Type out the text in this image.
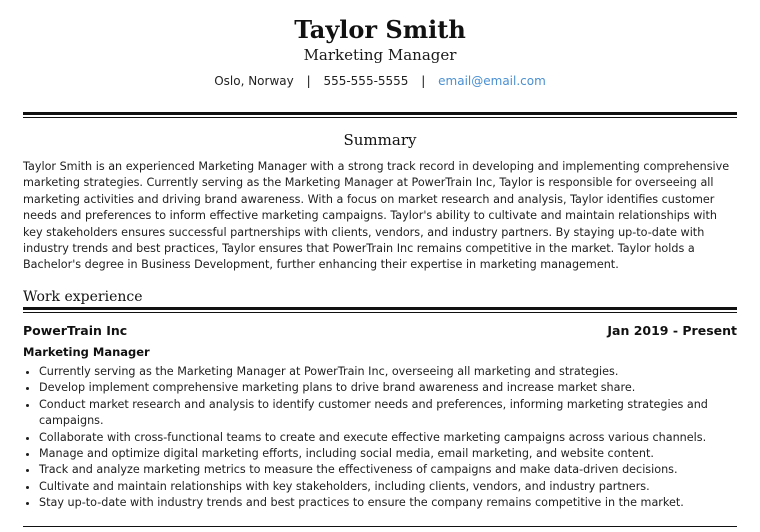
Taylor Smith
Marketing Manager
Oslo, Norway | 555-555-5555 | email@email.com
Summary

Taylor Smith is an experienced Marketing Manager with a strong track record in developing and implementing comprehensive marketing strategies. Currently serving as the Marketing Manager at PowerTrain Inc, Taylor is responsible for overseeing all marketing activities and driving brand awareness. With a focus on market research and analysis, Taylor identifies customer needs and preferences to inform effective marketing campaigns. Taylor's ability to cultivate and maintain relationships with key stakeholders ensures successful partnerships with clients, vendors, and industry partners. By staying up-to-date with industry trends and best practices, Taylor ensures that PowerTrain Inc remains competitive in the market. Taylor holds a Bachelor's degree in Business Development, further enhancing their expertise in marketing management.

Work experience
PowerTrain Inc	Jan 2019 - Present
Marketing Manager
• Currently serving as the Marketing Manager at PowerTrain Inc, overseeing all marketing and strategies.
• Develop implement comprehensive marketing plans to drive brand awareness and increase market share.
• Conduct market research and analysis to identify customer needs and preferences, informing marketing strategies and campaigns.
• Collaborate with cross-functional teams to create and execute effective marketing campaigns across various channels.
• Manage and optimize digital marketing efforts, including social media, email marketing, and website content.
• Track and analyze marketing metrics to measure the effectiveness of campaigns and make data-driven decisions.
• Cultivate and maintain relationships with key stakeholders, including clients, vendors, and industry partners.
• Stay up-to-date with industry trends and best practices to ensure the company remains competitive in the market.
